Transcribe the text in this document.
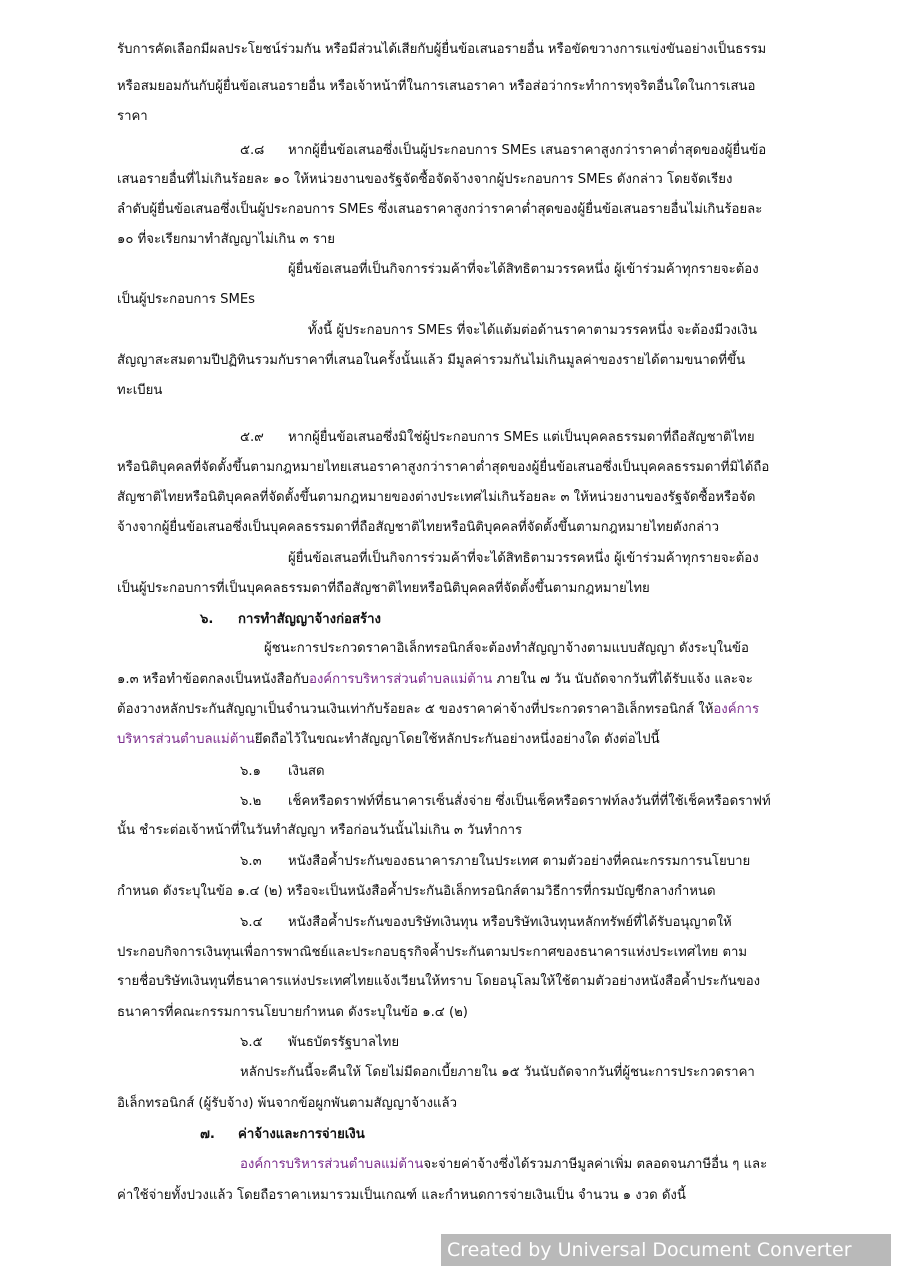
รับการคัดเลือกมีผลประโยชน์ร่วมกัน หรือมีส่วนได้เสียกับผู้ยื่นข้อเสนอรายอื่น หรือขัดขวางการแข่งขันอย่างเป็นธรรม
หรือสมยอมกันกับผู้ยื่นข้อเสนอรายอื่น หรือเจ้าหน้าที่ในการเสนอราคา หรือส่อว่ากระทำการทุจริตอื่นใดในการเสนอ
ราคา
๕.๘ หากผู้ยื่นข้อเสนอซึ่งเป็นผู้ประกอบการ SMEs เสนอราคาสูงกว่าราคาต่ำสุดของผู้ยื่นข้อ
เสนอรายอื่นที่ไม่เกินร้อยละ ๑๐ ให้หน่วยงานของรัฐจัดซื้อจัดจ้างจากผู้ประกอบการ SMEs ดังกล่าว โดยจัดเรียง
ลำดับผู้ยื่นข้อเสนอซึ่งเป็นผู้ประกอบการ SMEs ซึ่งเสนอราคาสูงกว่าราคาต่ำสุดของผู้ยื่นข้อเสนอรายอื่นไม่เกินร้อยละ
๑๐ ที่จะเรียกมาทำสัญญาไม่เกิน ๓ ราย
ผู้ยื่นข้อเสนอที่เป็นกิจการร่วมค้าที่จะได้สิทธิตามวรรคหนึ่ง ผู้เข้าร่วมค้าทุกรายจะต้อง
เป็นผู้ประกอบการ SMEs
ทั้งนี้ ผู้ประกอบการ SMEs ที่จะได้แต้มต่อด้านราคาตามวรรคหนึ่ง จะต้องมีวงเงิน
สัญญาสะสมตามปีปฏิทินรวมกับราคาที่เสนอในครั้งนั้นแล้ว มีมูลค่ารวมกันไม่เกินมูลค่าของรายได้ตามขนาดที่ขึ้น
ทะเบียน
๕.๙ หากผู้ยื่นข้อเสนอซึ่งมิใช่ผู้ประกอบการ SMEs แต่เป็นบุคคลธรรมดาที่ถือสัญชาติไทย
หรือนิติบุคคลที่จัดตั้งขึ้นตามกฎหมายไทยเสนอราคาสูงกว่าราคาต่ำสุดของผู้ยื่นข้อเสนอซึ่งเป็นบุคคลธรรมดาที่มิได้ถือ
สัญชาติไทยหรือนิติบุคคลที่จัดตั้งขึ้นตามกฎหมายของต่างประเทศไม่เกินร้อยละ ๓ ให้หน่วยงานของรัฐจัดซื้อหรือจัด
จ้างจากผู้ยื่นข้อเสนอซึ่งเป็นบุคคลธรรมดาที่ถือสัญชาติไทยหรือนิติบุคคลที่จัดตั้งขึ้นตามกฎหมายไทยดังกล่าว
ผู้ยื่นข้อเสนอที่เป็นกิจการร่วมค้าที่จะได้สิทธิตามวรรคหนึ่ง ผู้เข้าร่วมค้าทุกรายจะต้อง
เป็นผู้ประกอบการที่เป็นบุคคลธรรมดาที่ถือสัญชาติไทยหรือนิติบุคคลที่จัดตั้งขึ้นตามกฎหมายไทย
๖. การทำสัญญาจ้างก่อสร้าง
ผู้ชนะการประกวดราคาอิเล็กทรอนิกส์จะต้องทำสัญญาจ้างตามแบบสัญญา ดังระบุในข้อ
๑.๓ หรือทำข้อตกลงเป็นหนังสือกับองค์การบริหารส่วนตำบลแม่ต้าน ภายใน ๗ วัน นับถัดจากวันที่ได้รับแจ้ง และจะ
ต้องวางหลักประกันสัญญาเป็นจำนวนเงินเท่ากับร้อยละ ๕ ของราคาค่าจ้างที่ประกวดราคาอิเล็กทรอนิกส์ ให้องค์การ
บริหารส่วนตำบลแม่ต้านยึดถือไว้ในขณะทำสัญญาโดยใช้หลักประกันอย่างหนึ่งอย่างใด ดังต่อไปนี้
๖.๑ เงินสด
๖.๒ เช็คหรือดราฟท์ที่ธนาคารเซ็นสั่งจ่าย ซึ่งเป็นเช็คหรือดราฟท์ลงวันที่ที่ใช้เช็คหรือดราฟท์
นั้น ชำระต่อเจ้าหน้าที่ในวันทำสัญญา หรือก่อนวันนั้นไม่เกิน ๓ วันทำการ
๖.๓ หนังสือค้ำประกันของธนาคารภายในประเทศ ตามตัวอย่างที่คณะกรรมการนโยบาย
กำหนด ดังระบุในข้อ ๑.๔ (๒) หรือจะเป็นหนังสือค้ำประกันอิเล็กทรอนิกส์ตามวิธีการที่กรมบัญชีกลางกำหนด
๖.๔ หนังสือค้ำประกันของบริษัทเงินทุน หรือบริษัทเงินทุนหลักทรัพย์ที่ได้รับอนุญาตให้
ประกอบกิจการเงินทุนเพื่อการพาณิชย์และประกอบธุรกิจค้ำประกันตามประกาศของธนาคารแห่งประเทศไทย ตาม
รายชื่อบริษัทเงินทุนที่ธนาคารแห่งประเทศไทยแจ้งเวียนให้ทราบ โดยอนุโลมให้ใช้ตามตัวอย่างหนังสือค้ำประกันของ
ธนาคารที่คณะกรรมการนโยบายกำหนด ดังระบุในข้อ ๑.๔ (๒)
๖.๕ พันธบัตรรัฐบาลไทย
หลักประกันนี้จะคืนให้ โดยไม่มีดอกเบี้ยภายใน ๑๕ วันนับถัดจากวันที่ผู้ชนะการประกวดราคา
อิเล็กทรอนิกส์ (ผู้รับจ้าง) พ้นจากข้อผูกพันตามสัญญาจ้างแล้ว
๗. ค่าจ้างและการจ่ายเงิน
องค์การบริหารส่วนตำบลแม่ต้านจะจ่ายค่าจ้างซึ่งได้รวมภาษีมูลค่าเพิ่ม ตลอดจนภาษีอื่น ๆ และ
ค่าใช้จ่ายทั้งปวงแล้ว โดยถือราคาเหมารวมเป็นเกณฑ์ และกำหนดการจ่ายเงินเป็น จำนวน ๑ งวด ดังนี้
Created by Universal Document Converter
